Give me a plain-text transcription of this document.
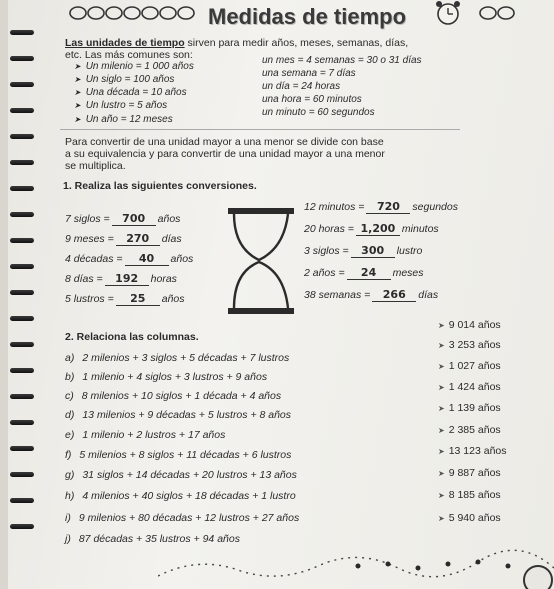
Medidas de tiempo
Las unidades de tiempo sirven para medir años, meses, semanas, días,
etc. Las más comunes son:
➤ Un milenio = 1 000 años
➤ Un siglo = 100 años
➤ Una década = 10 años
➤ Un lustro = 5 años
➤ Un año = 12 meses
un mes = 4 semanas = 30 o 31 días
una semana = 7 días
un día = 24 horas
una hora = 60 minutos
un minuto = 60 segundos
Para convertir de una unidad mayor a una menor se divide con base
a su equivalencia y para convertir de una unidad mayor a una menor
se multiplica.
1. Realiza las siguientes conversiones.
7 siglos = 700 años
9 meses = 270 días
4 décadas = 40 años
8 días = 192 horas
5 lustros = 25 años
12 minutos = 720 segundos
20 horas = 1,200 minutos
3 siglos = 300 lustro
2 años = 24 meses
38 semanas = 266 días
2. Relaciona las columnas.
a) 2 milenios + 3 siglos + 5 décadas + 7 lustros
b) 1 milenio + 4 siglos + 3 lustros + 9 años
c) 8 milenios + 10 siglos + 1 década + 4 años
d) 13 milenios + 9 décadas + 5 lustros + 8 años
e) 1 milenio + 2 lustros + 17 años
f) 5 milenios + 8 siglos + 11 décadas + 6 lustros
g) 31 siglos + 14 décadas + 20 lustros + 13 años
h) 4 milenios + 40 siglos + 18 décadas + 1 lustro
i) 9 milenios + 80 décadas + 12 lustros + 27 años
j) 87 décadas + 35 lustros + 94 años
➤ 9 014 años
➤ 3 253 años
➤ 1 027 años
➤ 1 424 años
➤ 1 139 años
➤ 2 385 años
➤ 13 123 años
➤ 9 887 años
➤ 8 185 años
➤ 5 940 años
